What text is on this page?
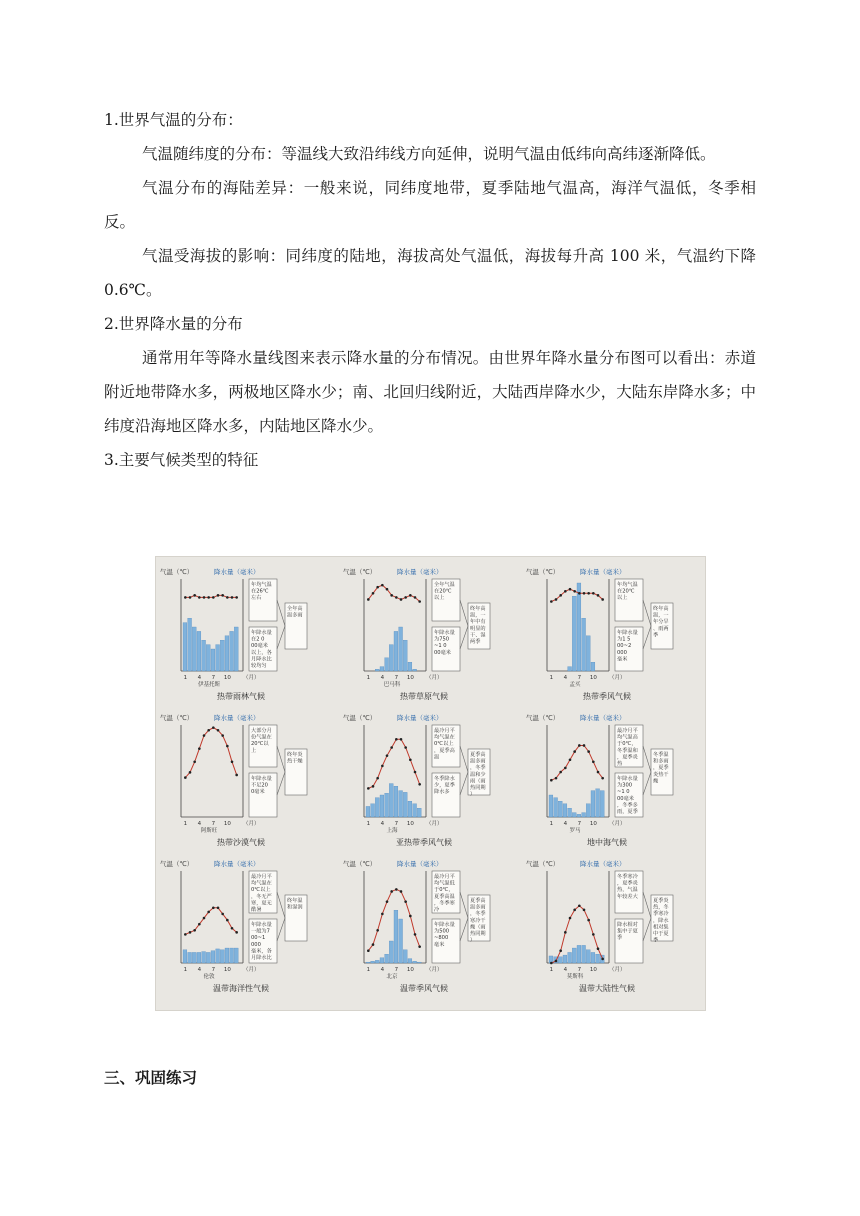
1.世界气温的分布：

气温随纬度的分布：等温线大致沿纬线方向延伸，说明气温由低纬向高纬逐渐降低。

气温分布的海陆差异：一般来说，同纬度地带，夏季陆地气温高，海洋气温低，冬季相反。

气温受海拔的影响：同纬度的陆地，海拔高处气温低，海拔每升高 100 米，气温约下降 0.6℃。

2.世界降水量的分布

通常用年等降水量线图来表示降水量的分布情况。由世界年降水量分布图可以看出：赤道附近地带降水多，两极地区降水少；南、北回归线附近，大陆西岸降水少，大陆东岸降水多；中纬度沿海地区降水多，内陆地区降水少。

3.主要气候类型的特征

气温（℃）	降水量（毫米）
1 4 7 10 （月）
伊基托斯
年均气温
在26℃
左右
年降水量
在2 0
00毫米
以上，各
月降水比
较均匀
全年高
温多雨
热带雨林气候
气温（℃）	降水量（毫米）
1 4 7 10 （月）
巴马科
全年气温
在20℃
以上
年降水量
为750
~1 0
00毫米
终年高
温，一
年中有
明显的
干、湿
两季
热带草原气候
气温（℃）	降水量（毫米）
1 4 7 10 （月）
孟买
年均气温
在20℃
以上
年降水量
为1 5
00~2
000
毫米
终年高
温，一
年分旱
、雨两
季
热带季风气候
气温（℃）	降水量（毫米）
1 4 7 10 （月）
阿斯旺
大部分月
份气温在
20℃以
上
年降水量
不足20
0毫米
终年炎
热干燥
热带沙漠气候
气温（℃）	降水量（毫米）
1 4 7 10 （月）
上海
最冷月平
均气温在
0℃以上
，夏季高
温
冬季降水
少，夏季
降水多
夏季高
温多雨
，冬季
温和少
雨（雨
热同期
）
亚热带季风气候
气温（℃）	降水量（毫米）
1 4 7 10 （月）
罗马
最冷月平
均气温高
于0℃，
冬季温和
，夏季炎
热
年降水量
为300
~1 0
00毫米
，冬季多
雨，夏季
冬季温
和多雨
，夏季
炎热干
燥
地中海气候
气温（℃）	降水量（毫米）
1 4 7 10 （月）
伦敦
最冷月平
均气温在
0℃以上
，冬无严
寒，夏无
酷暑
年降水量
一般为7
00~1
000
毫米，各
月降水比
终年温
和湿润
温带海洋性气候
气温（℃）	降水量（毫米）
1 4 7 10 （月）
北京
最冷月平
均气温低
于0℃，
夏季高温
，冬季寒
冷
年降水量
为500
~800
毫米
夏季高
温多雨
，冬季
寒冷干
燥（雨
热同期
）
温带季风气候
气温（℃）	降水量（毫米）
1 4 7 10 （月）
莫斯科
冬季寒冷
，夏季炎
热，气温
年较差大
降水相对
集中于夏
季
夏季炎
热，冬
季寒冷
，降水
相对集
中于夏
季
温带大陆性气候
三、巩固练习
